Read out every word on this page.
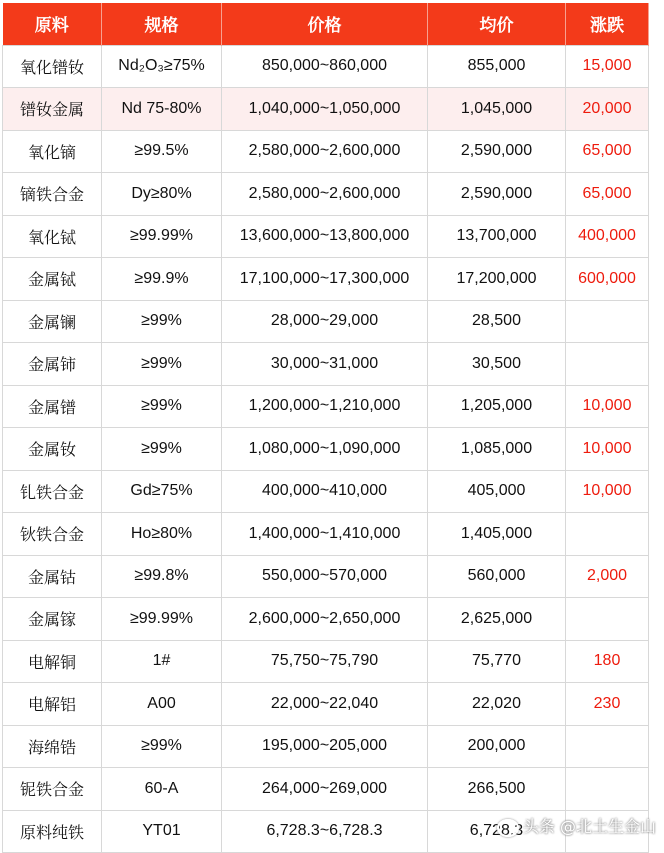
原料	规格	价格	均价	涨跌
氧化镨钕	Nd₂O₃≥75%	850,000~860,000	855,000	15,000
镨钕金属	Nd 75-80%	1,040,000~1,050,000	1,045,000	20,000
氧化镝	≥99.5%	2,580,000~2,600,000	2,590,000	65,000
镝铁合金	Dy≥80%	2,580,000~2,600,000	2,590,000	65,000
氧化铽	≥99.99%	13,600,000~13,800,000	13,700,000	400,000
金属铽	≥99.9%	17,100,000~17,300,000	17,200,000	600,000
金属镧	≥99%	28,000~29,000	28,500	
金属铈	≥99%	30,000~31,000	30,500	
金属镨	≥99%	1,200,000~1,210,000	1,205,000	10,000
金属钕	≥99%	1,080,000~1,090,000	1,085,000	10,000
钆铁合金	Gd≥75%	400,000~410,000	405,000	10,000
钬铁合金	Ho≥80%	1,400,000~1,410,000	1,405,000	
金属钴	≥99.8%	550,000~570,000	560,000	2,000
金属镓	≥99.99%	2,600,000~2,650,000	2,625,000	
电解铜	1#	75,750~75,790	75,770	180
电解铝	A00	22,000~22,040	22,020	230
海绵锆	≥99%	195,000~205,000	200,000	
铌铁合金	60-A	264,000~269,000	266,500	
原料纯铁	YT01	6,728.3~6,728.3	6,728.3	头条 @北土生金山
